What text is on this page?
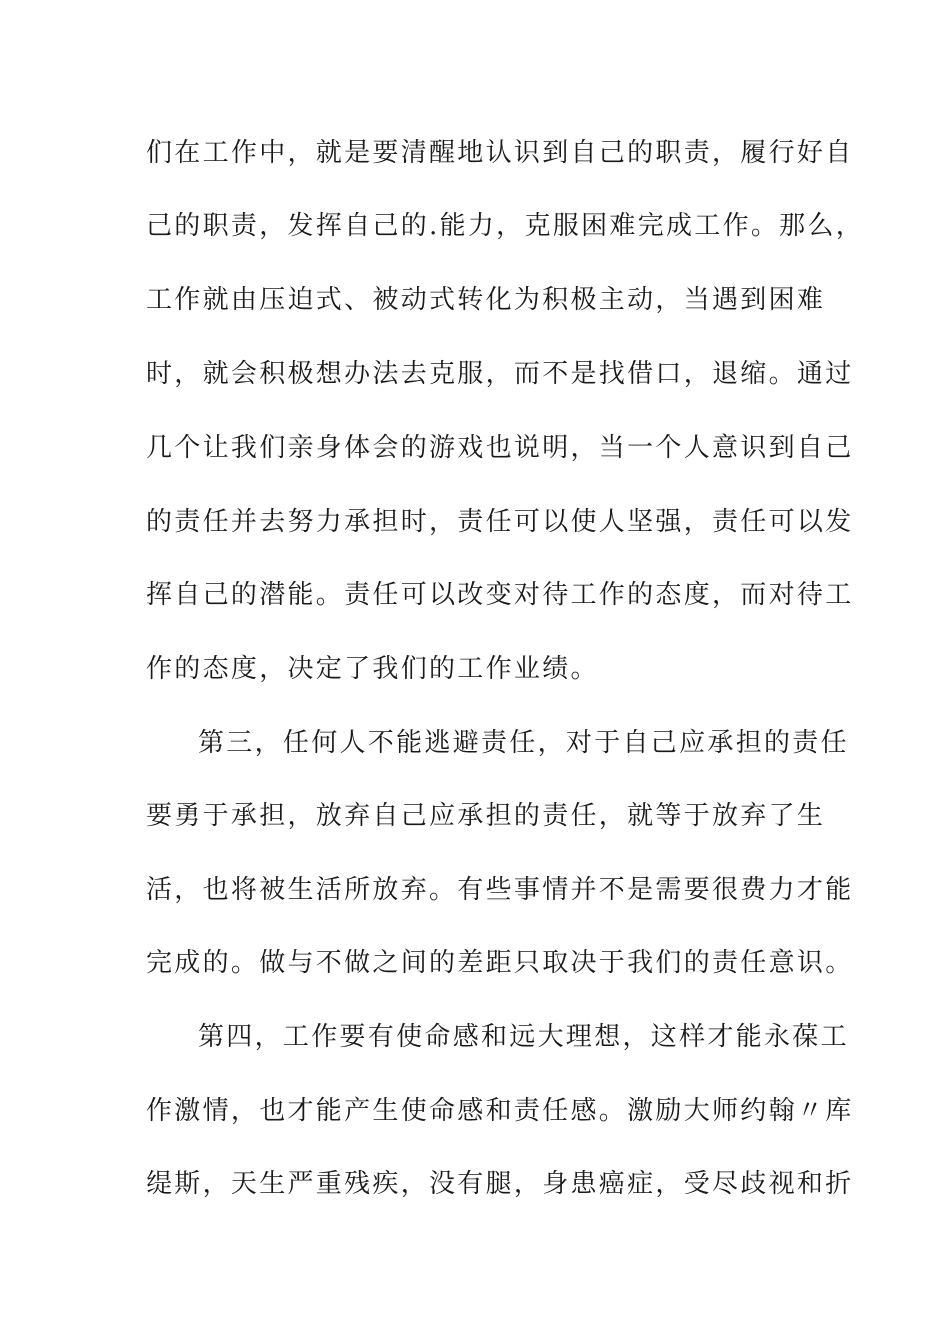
们在工作中，就是要清醒地认识到自己的职责，履行好自
己的职责，发挥自己的.能力，克服困难完成工作。那么，
工作就由压迫式、被动式转化为积极主动，当遇到困难
时，就会积极想办法去克服，而不是找借口，退缩。通过
几个让我们亲身体会的游戏也说明，当一个人意识到自己
的责任并去努力承担时，责任可以使人坚强，责任可以发
挥自己的潜能。责任可以改变对待工作的态度，而对待工
作的态度，决定了我们的工作业绩。
第三，任何人不能逃避责任，对于自己应承担的责任
要勇于承担，放弃自己应承担的责任，就等于放弃了生
活，也将被生活所放弃。有些事情并不是需要很费力才能
完成的。做与不做之间的差距只取决于我们的责任意识。
第四，工作要有使命感和远大理想，这样才能永葆工
作激情，也才能产生使命感和责任感。激励大师约翰〃库
缇斯，天生严重残疾，没有腿，身患癌症，受尽歧视和折
